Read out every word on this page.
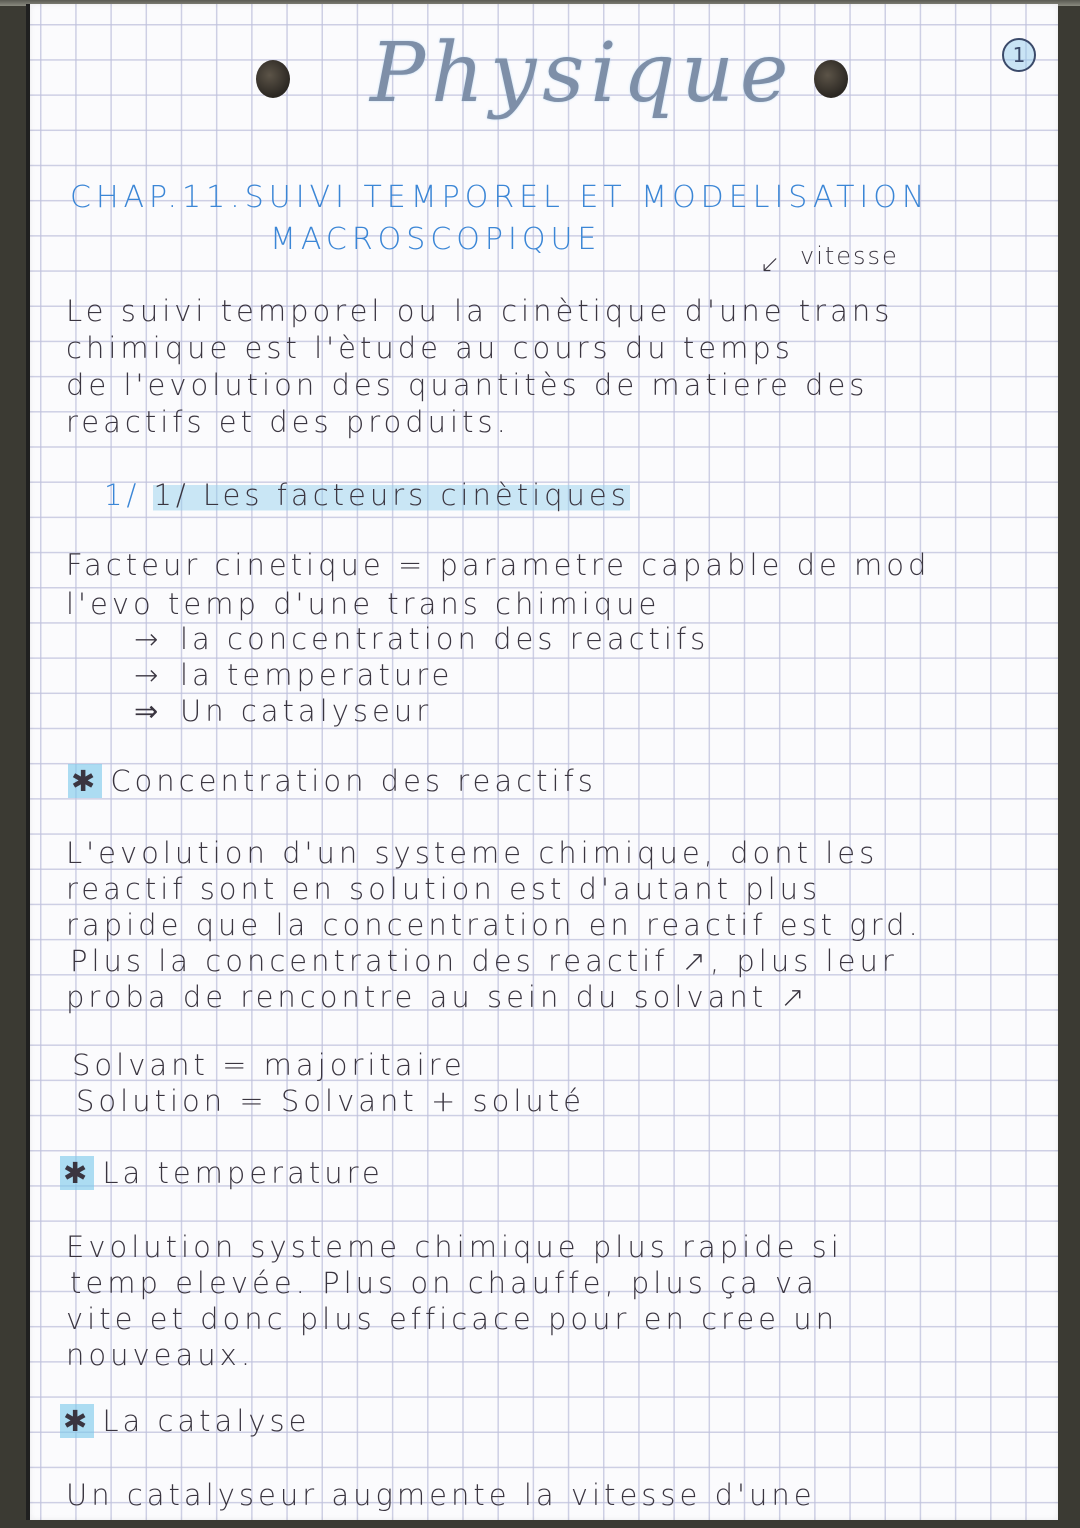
Physique	1
CHAP.11.SUIVI TEMPOREL ET MODELISATION
MACROSCOPIQUE
↙ vitesse
Le suivi temporel ou la cinètique d'une trans
chimique est l'ètude au cours du temps
de l'evolution des quantitès de matiere des
reactifs et des produits.
1/ 1/ Les facteurs cinètiques
Facteur cinetique = parametre capable de mod
l'evo temp d'une trans chimique
→ la concentration des reactifs
→ la temperature
⇒ Un catalyseur
✱ Concentration des reactifs
L'evolution d'un systeme chimique, dont les
reactif sont en solution est d'autant plus
rapide que la concentration en reactif est grd.
Plus la concentration des reactif ↗, plus leur
proba de rencontre au sein du solvant ↗
Solvant = majoritaire
Solution = Solvant + soluté
✱ La temperature
Evolution systeme chimique plus rapide si
temp elevée. Plus on chauffe, plus ça va
vite et donc plus efficace pour en cree un
nouveaux.
✱ La catalyse
Un catalyseur augmente la vitesse d'une
